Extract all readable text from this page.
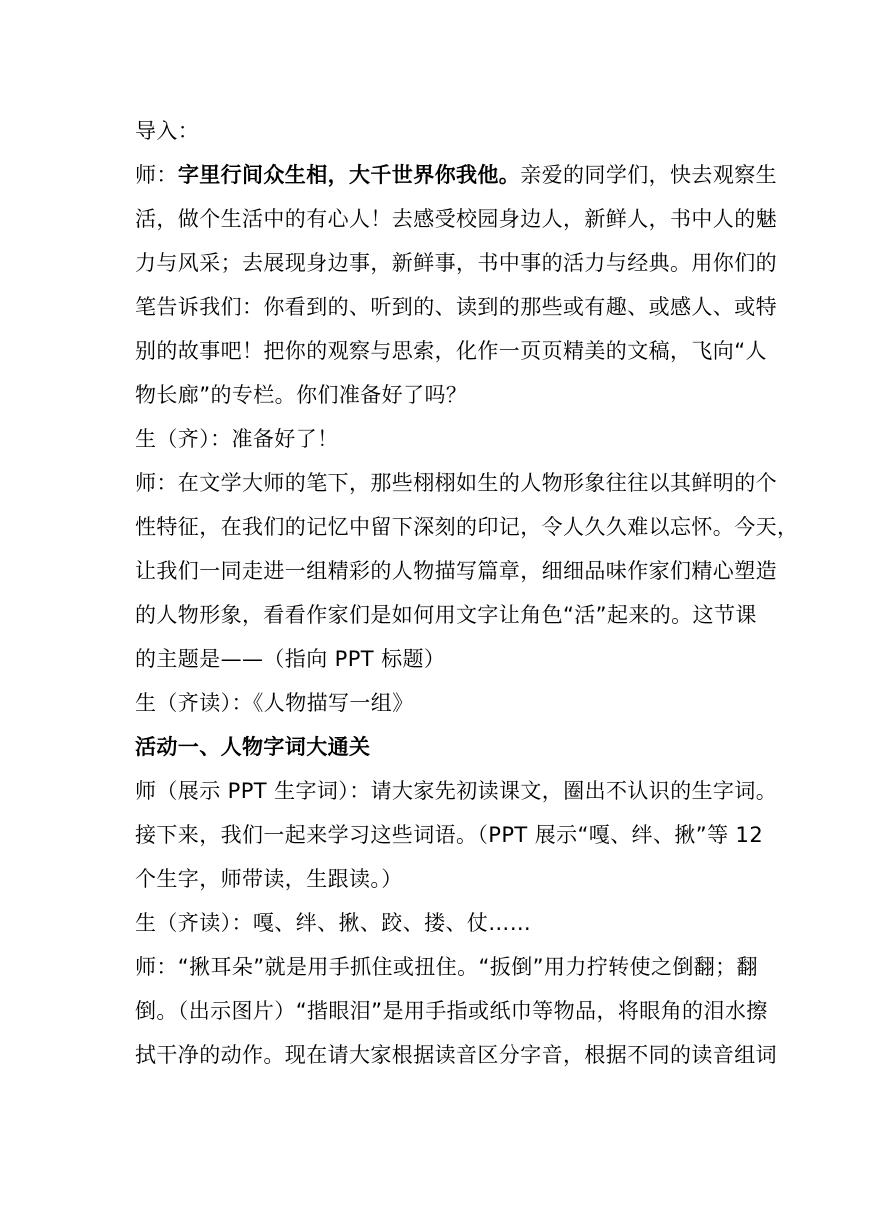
导入：
师：字里行间众生相，大千世界你我他。亲爱的同学们，快去观察生
活，做个生活中的有心人！去感受校园身边人，新鲜人，书中人的魅
力与风采；去展现身边事，新鲜事，书中事的活力与经典。用你们的
笔告诉我们：你看到的、听到的、读到的那些或有趣、或感人、或特
别的故事吧！把你的观察与思索，化作一页页精美的文稿，飞向“人
物长廊”的专栏。你们准备好了吗？
生（齐）：准备好了！
师：在文学大师的笔下，那些栩栩如生的人物形象往往以其鲜明的个
性特征，在我们的记忆中留下深刻的印记，令人久久难以忘怀。今天，
让我们一同走进一组精彩的人物描写篇章，细细品味作家们精心塑造
的人物形象，看看作家们是如何用文字让角色“活”起来的。这节课
的主题是——（指向 PPT 标题）
生（齐读）：《人物描写一组》
活动一、人物字词大通关
师（展示 PPT 生字词）：请大家先初读课文，圈出不认识的生字词。
接下来，我们一起来学习这些词语。（PPT 展示“嘎、绊、揪”等 12
个生字，师带读，生跟读。）
生（齐读）：嘎、绊、揪、跤、搂、仗……
师：“揪耳朵”就是用手抓住或扭住。“扳倒”用力拧转使之倒翻；翻
倒。（出示图片）“揩眼泪”是用手指或纸巾等物品，将眼角的泪水擦
拭干净的动作。现在请大家根据读音区分字音，根据不同的读音组词
